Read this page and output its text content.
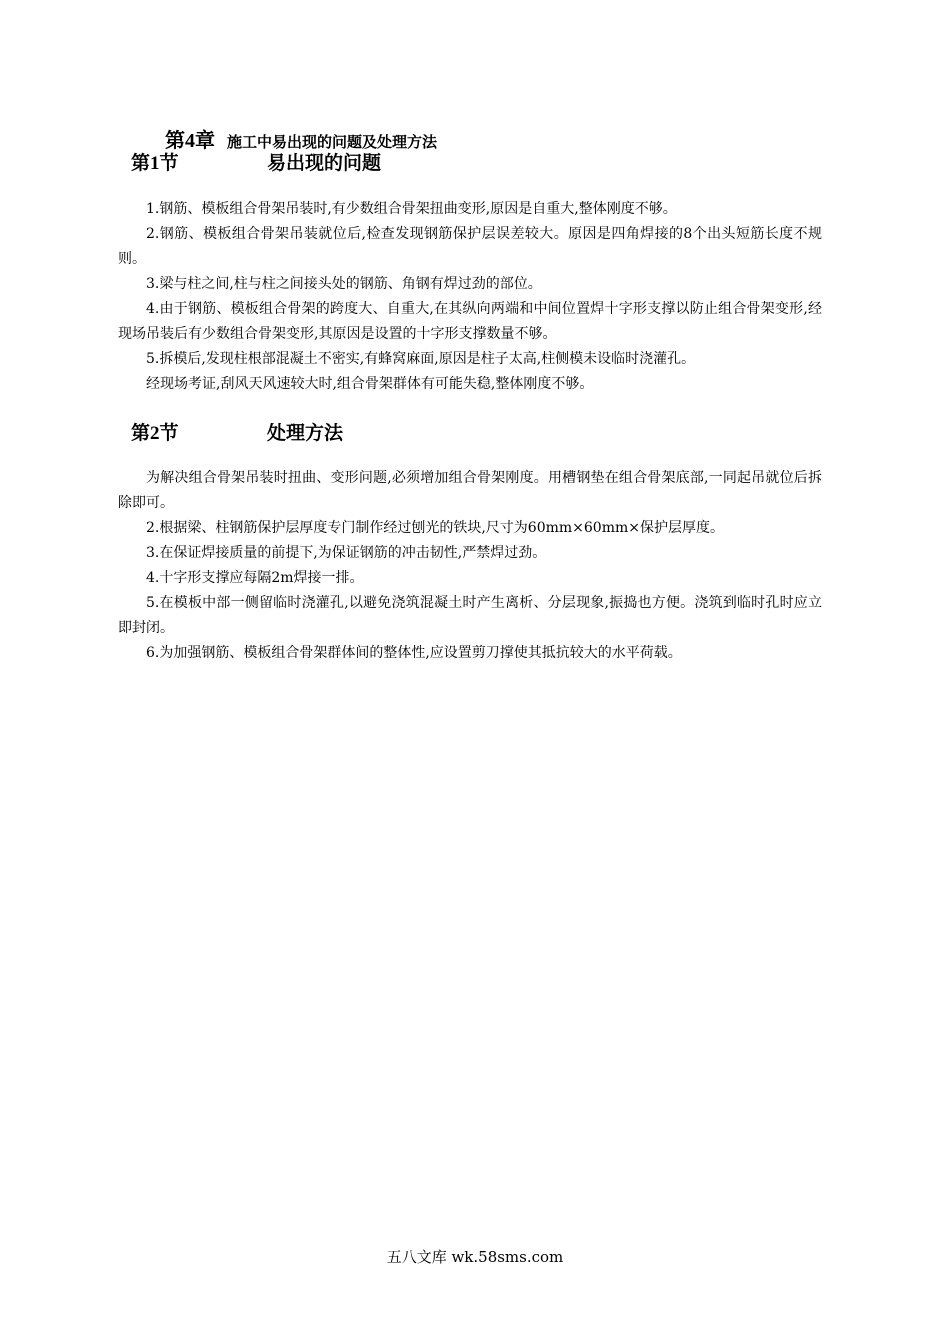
第4章 施工中易出现的问题及处理方法
第1节	易出现的问题

1.钢筋、模板组合骨架吊装时,有少数组合骨架扭曲变形,原因是自重大,整体刚度不够。

2.钢筋、模板组合骨架吊装就位后,检查发现钢筋保护层误差较大。原因是四角焊接的8个出头短筋长度不规则。

3.梁与柱之间,柱与柱之间接头处的钢筋、角钢有焊过劲的部位。

4.由于钢筋、模板组合骨架的跨度大、自重大,在其纵向两端和中间位置焊十字形支撑以防止组合骨架变形,经现场吊装后有少数组合骨架变形,其原因是设置的十字形支撑数量不够。

5.拆模后,发现柱根部混凝土不密实,有蜂窝麻面,原因是柱子太高,柱侧模未设临时浇灌孔。

经现场考证,刮风天风速较大时,组合骨架群体有可能失稳,整体刚度不够。

第2节	处理方法

为解决组合骨架吊装时扭曲、变形问题,必须增加组合骨架刚度。用槽钢垫在组合骨架底部,一同起吊就位后拆除即可。

2.根据梁、柱钢筋保护层厚度专门制作经过刨光的铁块,尺寸为60mm×60mm×保护层厚度。

3.在保证焊接质量的前提下,为保证钢筋的冲击韧性,严禁焊过劲。

4.十字形支撑应每隔2m焊接一排。

5.在模板中部一侧留临时浇灌孔,以避免浇筑混凝土时产生离析、分层现象,振捣也方便。浇筑到临时孔时应立即封闭。

6.为加强钢筋、模板组合骨架群体间的整体性,应设置剪刀撑使其抵抗较大的水平荷载。

五八文库 wk.58sms.com
